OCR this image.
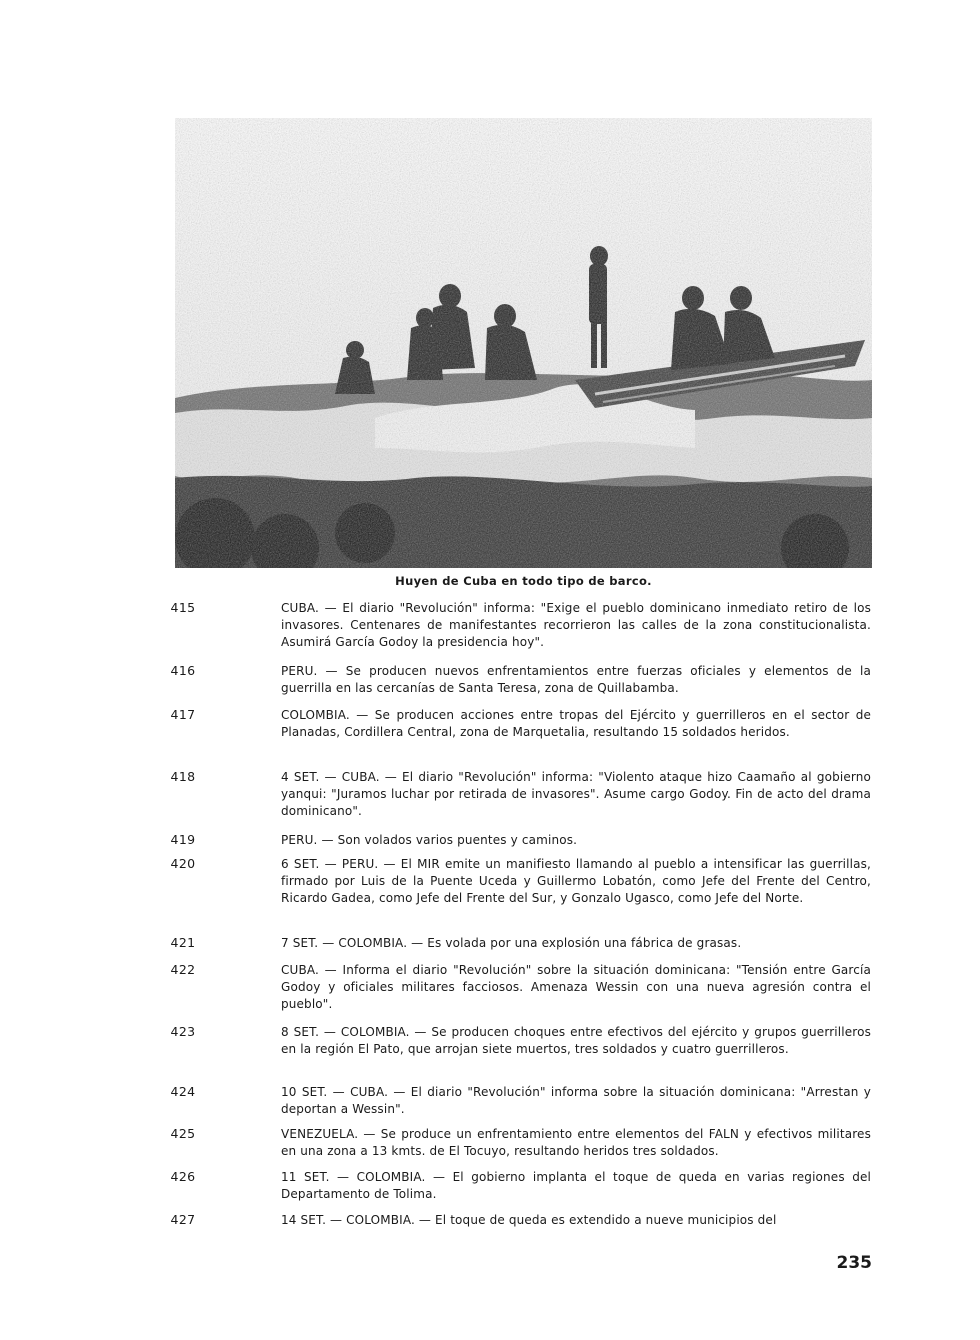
Huyen de Cuba en todo tipo de barco.
415	CUBA. — El diario "Revolución" informa: "Exige el pueblo dominicano inmediato retiro de los invasores. Centenares de manifestantes recorrieron las calles de la zona constitucionalista. Asumirá García Godoy la presidencia hoy".
416	PERU. — Se producen nuevos enfrentamientos entre fuerzas oficiales y elementos de la guerrilla en las cercanías de Santa Teresa, zona de Quillabamba.
417	COLOMBIA. — Se producen acciones entre tropas del Ejército y guerrilleros en el sector de Planadas, Cordillera Central, zona de Marquetalia, resultando 15 soldados heridos.
418	4 SET. — CUBA. — El diario "Revolución" informa: "Violento ataque hizo Caamaño al gobierno yanqui: "Juramos luchar por retirada de invasores". Asume cargo Godoy. Fin de acto del drama dominicano".
419	PERU. — Son volados varios puentes y caminos.
420	6 SET. — PERU. — El MIR emite un manifiesto llamando al pueblo a intensificar las guerrillas, firmado por Luis de la Puente Uceda y Guillermo Lobatón, como Jefe del Frente del Centro, Ricardo Gadea, como Jefe del Frente del Sur, y Gonzalo Ugasco, como Jefe del Norte.
421	7 SET. — COLOMBIA. — Es volada por una explosión una fábrica de grasas.
422	CUBA. — Informa el diario "Revolución" sobre la situación dominicana: "Tensión entre García Godoy y oficiales militares facciosos. Amenaza Wessin con una nueva agresión contra el pueblo".
423	8 SET. — COLOMBIA. — Se producen choques entre efectivos del ejército y grupos guerrilleros en la región El Pato, que arrojan siete muertos, tres soldados y cuatro guerrilleros.
424	10 SET. — CUBA. — El diario "Revolución" informa sobre la situación dominicana: "Arrestan y deportan a Wessin".
425	VENEZUELA. — Se produce un enfrentamiento entre elementos del FALN y efectivos militares en una zona a 13 kmts. de El Tocuyo, resultando heridos tres soldados.
426	11 SET. — COLOMBIA. — El gobierno implanta el toque de queda en varias regiones del Departamento de Tolima.
427	14 SET. — COLOMBIA. — El toque de queda es extendido a nueve municipios del
235
